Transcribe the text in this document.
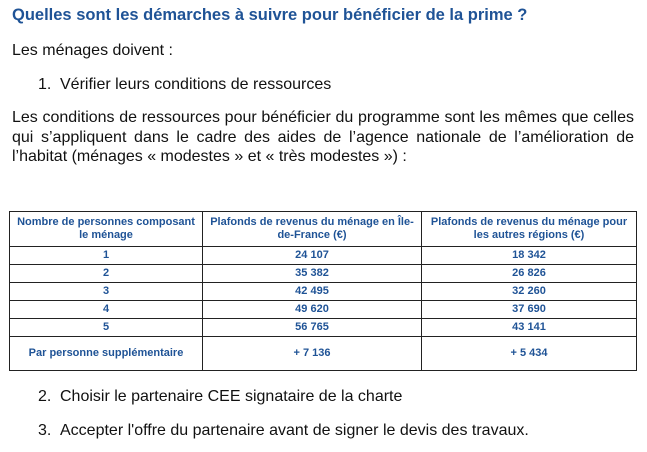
Quelles sont les démarches à suivre pour bénéficier de la prime ?
Les ménages doivent :
1. Vérifier leurs conditions de ressources
Les conditions de ressources pour bénéficier du programme sont les mêmes que celles qui s’appliquent dans le cadre des aides de l’agence nationale de l’amélioration de l’habitat (ménages « modestes » et « très modestes ») :
Nombre de personnes composant le ménage	Plafonds de revenus du ménage en Île-de-France (€)	Plafonds de revenus du ménage pour les autres régions (€)
1	24 107	18 342
2	35 382	26 826
3	42 495	32 260
4	49 620	37 690
5	56 765	43 141
Par personne supplémentaire	+ 7 136	+ 5 434
2. Choisir le partenaire CEE signataire de la charte
3. Accepter l'offre du partenaire avant de signer le devis des travaux.
